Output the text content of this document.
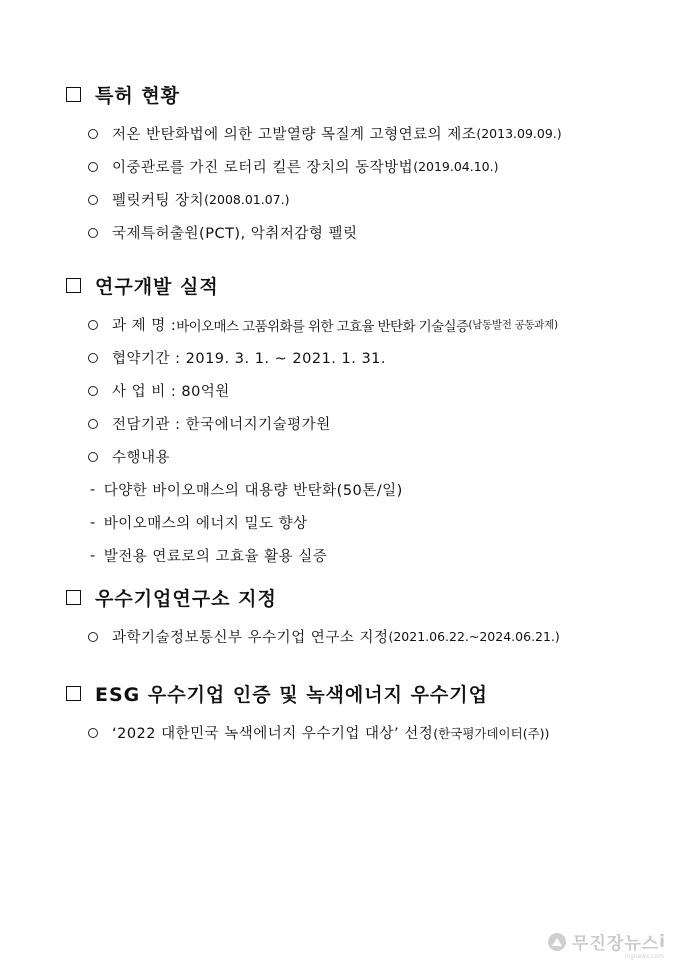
특허 현황
저온 반탄화법에 의한 고발열량 목질계 고형연료의 제조 (2013.09.09.)
이중관로를 가진 로터리 킬른 장치의 동작방법 (2019.04.10.)
펠릿커팅 장치 (2008.01.07.)
국제특허출원(PCT), 악취저감형 펠릿
연구개발 실적
과 제 명 : 바이오매스 고품위화를 위한 고효율 반탄화 기술실증 (남동발전 공동과제)
협약기간 : 2019. 3. 1. ~ 2021. 1. 31.
사 업 비 : 80억원
전담기관 : 한국에너지기술평가원
수행내용
- 다양한 바이오매스의 대용량 반탄화(50톤/일)
- 바이오매스의 에너지 밀도 향상
- 발전용 연료로의 고효율 활용 실증
우수기업연구소 지정
과학기술정보통신부 우수기업 연구소 지정 (2021.06.22.~2024.06.21.)
ESG 우수기업 인증 및 녹색에너지 우수기업
‘2022 대한민국 녹색에너지 우수기업 대상’ 선정 (한국평가데이터(주))
무진장뉴스 i
mjjnews.com
